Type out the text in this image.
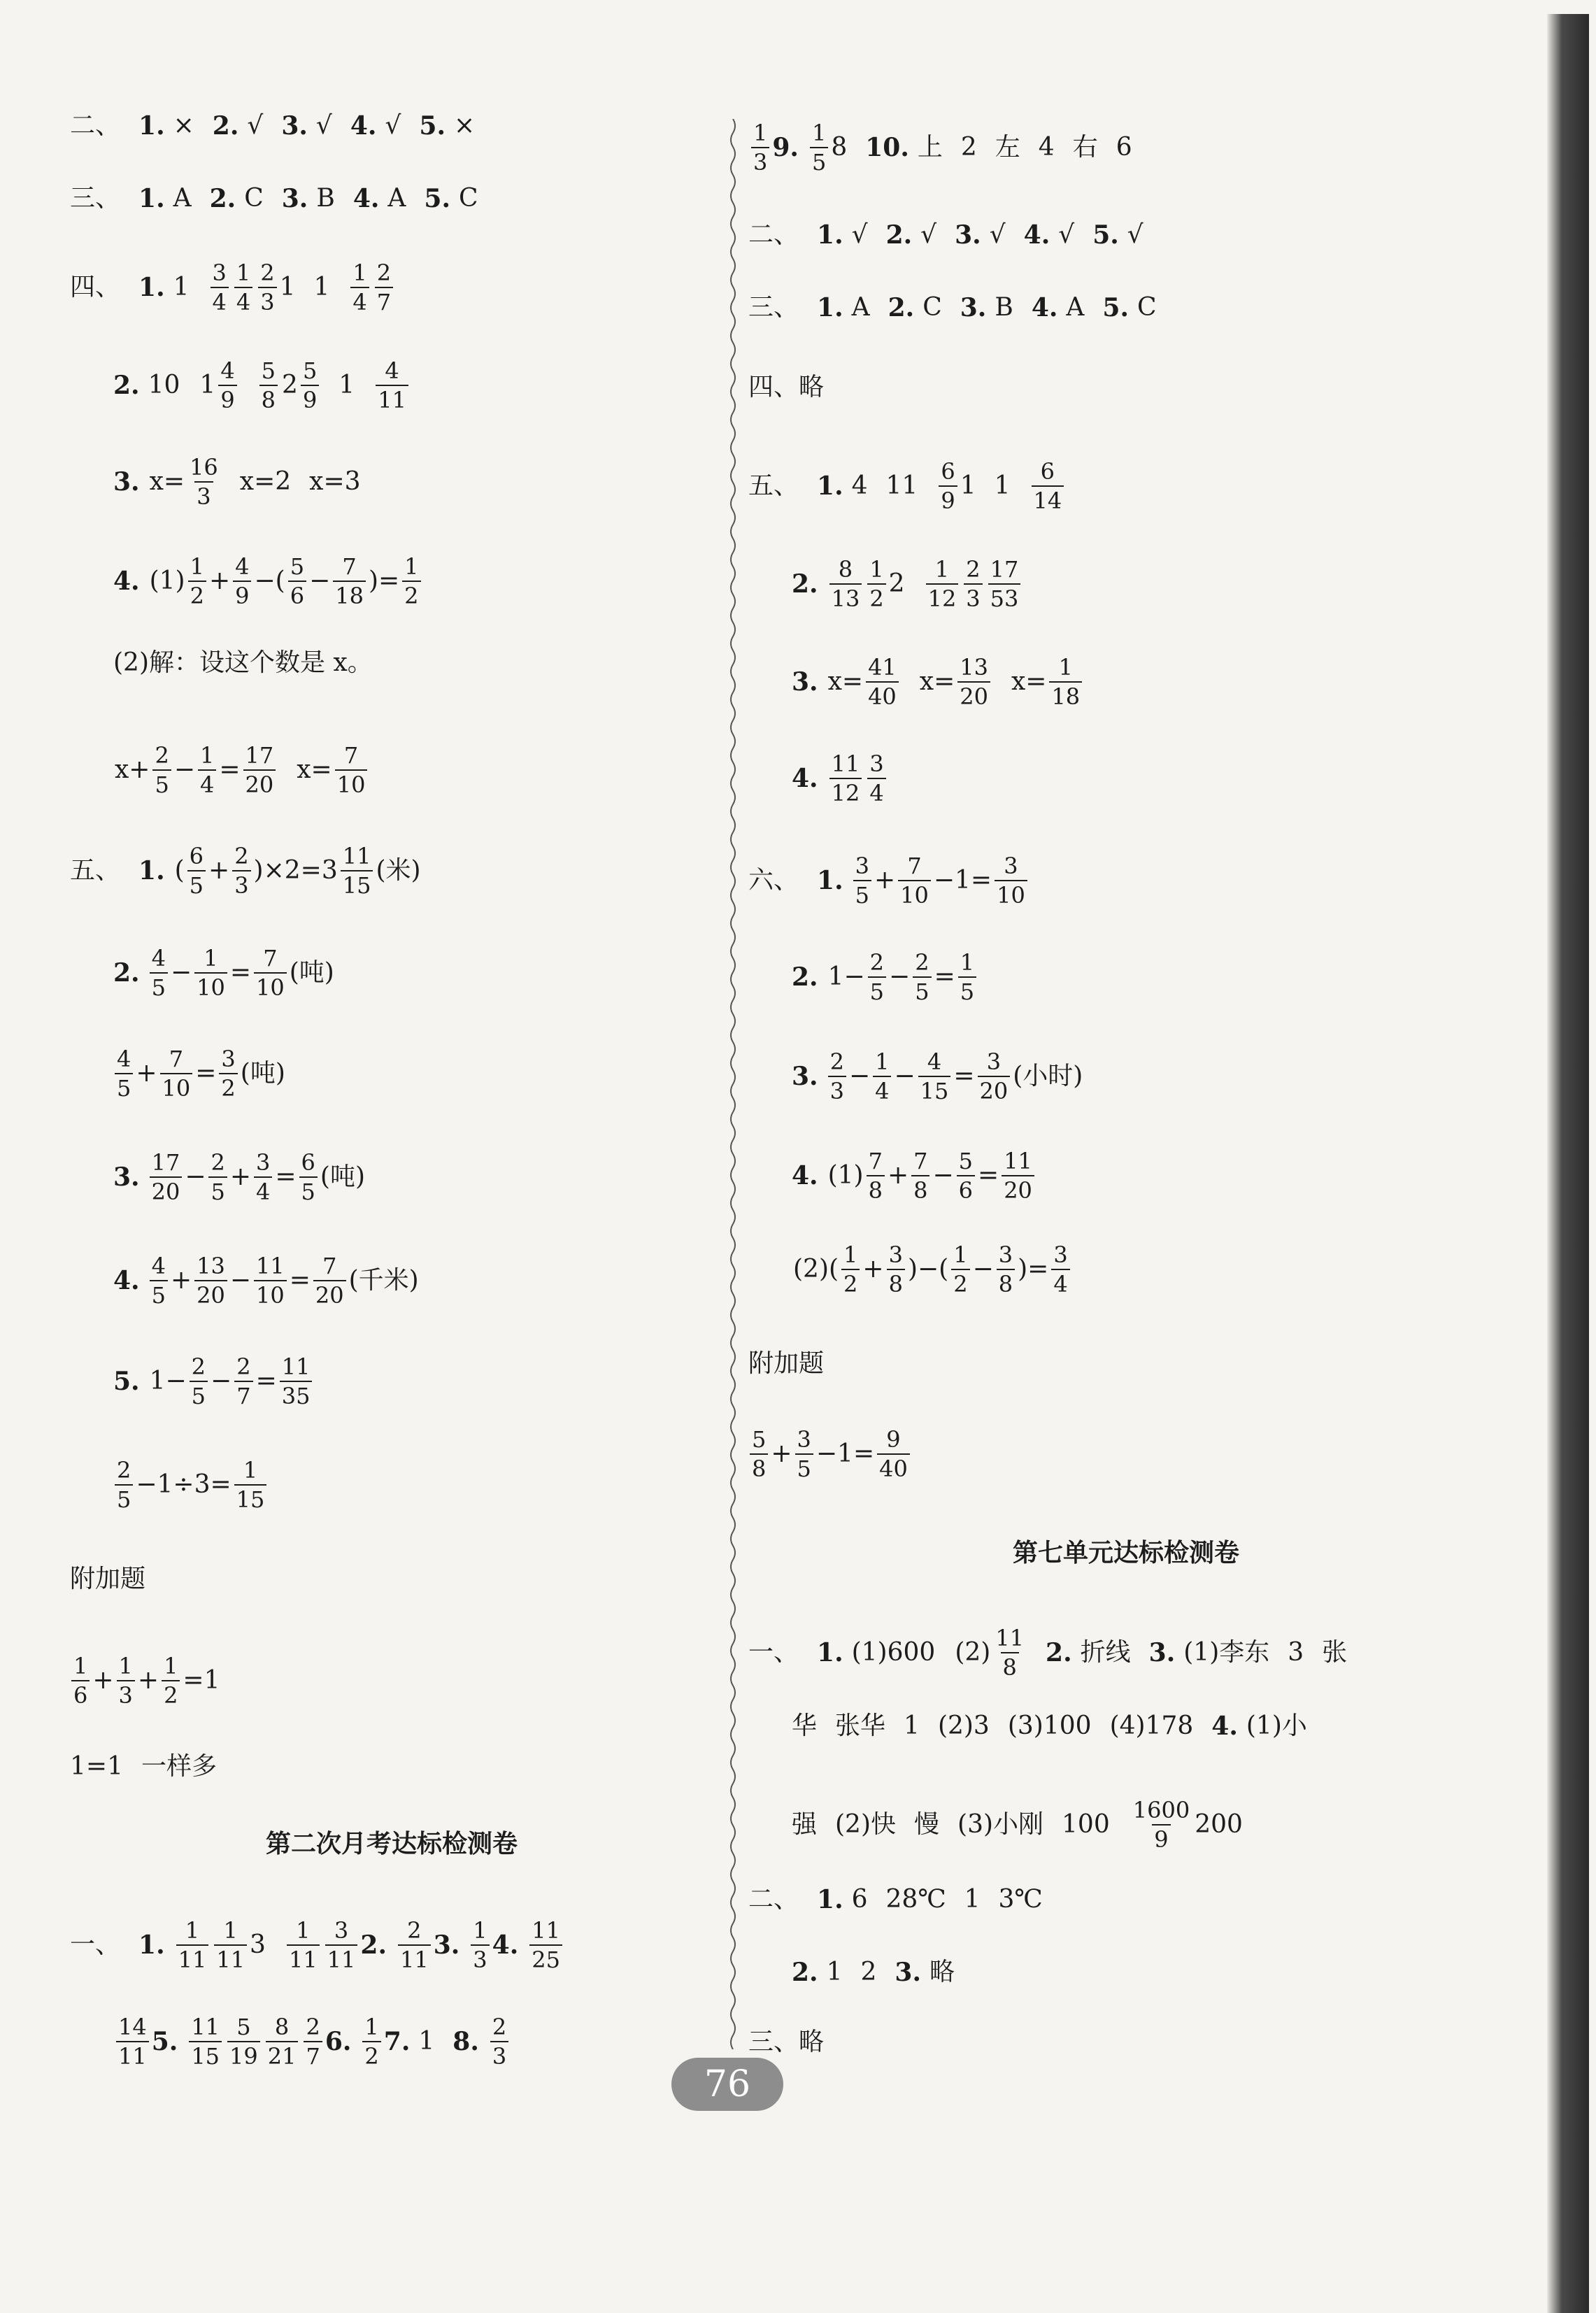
二、 1. × 2. √ 3. √ 4. √ 5. ×
三、 1. A 2. C 3. B 4. A 5. C
四、 1. $1 \frac{3}{4} \frac{1}{4} \frac{2}{3} 1$ $1 \frac{1}{4} \frac{2}{7}$
2. 10 $1 \frac{4}{9} \frac{5}{8} 2 \frac{5}{9} 1 \frac{4}{11}$
3. $x= \frac{16}{3} x=2$ x=3
4. $(1) \frac{1}{2} + \frac{4}{9}$ −( $\frac{5}{6} - \frac{7}{18}$ )= $\frac{1}{2}$
(2)解：设这个数是 x。
$x+ \frac{2}{5} - \frac{1}{4} = \frac{17}{20} x= \frac{7}{10}$
五、 1. ( $\frac{6}{5} + \frac{2}{3} )\times 2=3 \frac{11}{15}$ (米)
2. $\frac{4}{5} - \frac{1}{10} = \frac{7}{10}$ (吨)
$\frac{4}{5} + \frac{7}{10} = \frac{3}{2}$ (吨)
3. $\frac{17}{20} - \frac{2}{5} + \frac{3}{4} = \frac{6}{5}$ (吨)
4. $\frac{4}{5} + \frac{13}{20} - \frac{11}{10} = \frac{7}{20}$ (千米)
5. $1- \frac{2}{5} - \frac{2}{7} = \frac{11}{35}$
$\frac{2}{5} -1\div 3= \frac{1}{15}$
附加题
$\frac{1}{6} + \frac{1}{3} + \frac{1}{2} =1$
1=1 一样多
第二次月考达标检测卷
一、 1. $\frac{1}{11} \frac{1}{11} 3 \frac{1}{11} \frac{3}{11} 2$. $\frac{2}{11} 3$. $\frac{1}{3} 4$. $\frac{11}{25}$
$\frac{14}{11} 5$. $\frac{11}{15} \frac{5}{19} \frac{8}{21} \frac{2}{7} 6$. $\frac{1}{2} 7$. 1 8. $\frac{2}{3}$
$\frac{1}{3} 9$. $\frac{1}{5} 8$ 10. 上 2 左 4 右 6
二、 1. √ 2. √ 3. √ 4. √ 5. √
三、 1. A 2. C 3. B 4. A 5. C
四、略
五、 1. 4 $11 \frac{6}{9} 1$ $1 \frac{6}{14}$
2. $\frac{8}{13} \frac{1}{2} 2 \frac{1}{12} \frac{2}{3} \frac{17}{53}$
3. $x= \frac{41}{40} x= \frac{13}{20} x= \frac{1}{18}$
4. $\frac{11}{12} \frac{3}{4}$
六、 1. $\frac{3}{5} + \frac{7}{10} -1= \frac{3}{10}$
2. $1- \frac{2}{5} - \frac{2}{5} = \frac{1}{5}$
3. $\frac{2}{3} - \frac{1}{4} - \frac{4}{15} = \frac{3}{20}$ (小时)
4. $(1) \frac{7}{8} + \frac{7}{8} - \frac{5}{6} = \frac{11}{20}$
$(2)( \frac{1}{2} + \frac{3}{8}$ )−( $\frac{1}{2} - \frac{3}{8}$ )= $\frac{3}{4}$
附加题
$\frac{5}{8} + \frac{3}{5} -1= \frac{9}{40}$
第七单元达标检测卷
一、 1. (1)600 $(2) \frac{11}{8} 2$. 折线 3. (1)李东 3 张
华 张华 1 (2)3 (3)100 (4)178 4. (1)小
强 (2)快 慢 (3)小刚 $100 \frac{1600}{9} 200$
二、 1. 6 28℃ 1 3℃
2. 1 2 3. 略
三、略
76
